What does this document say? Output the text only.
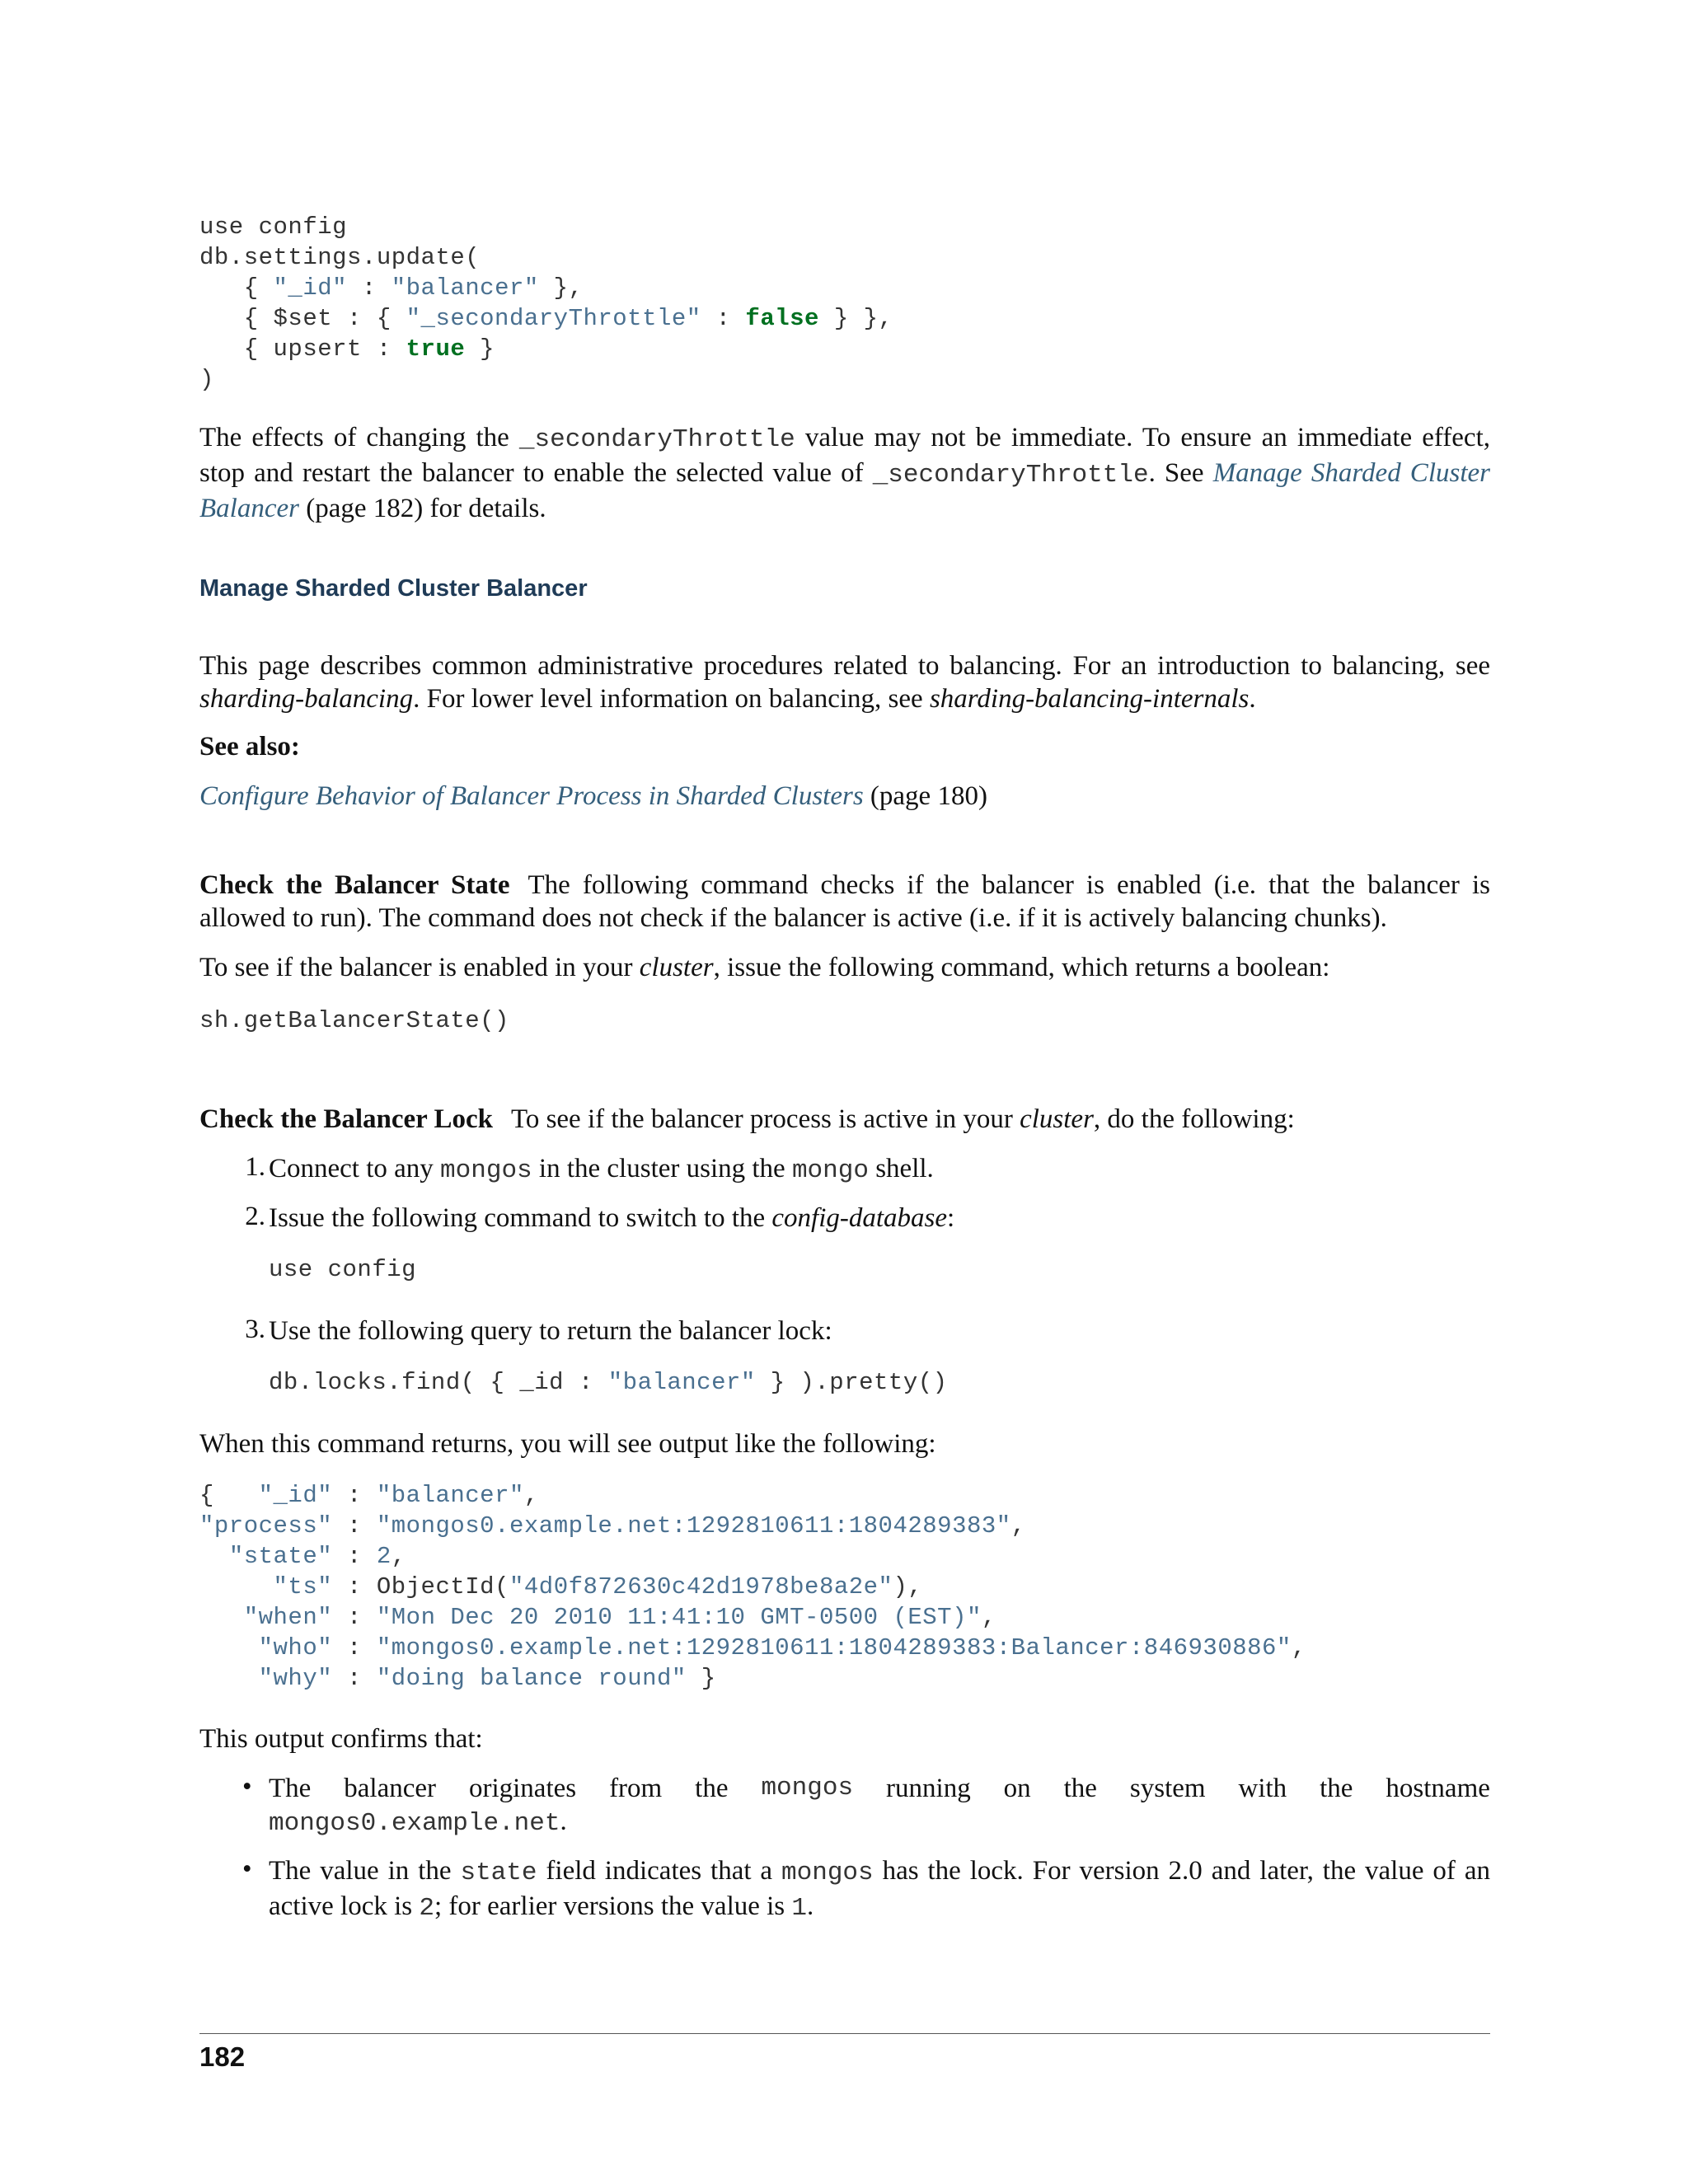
use config
db.settings.update(
{ "_id" : "balancer" },
{ $set : { "_secondaryThrottle" : false } },
{ upsert : true }
)
The effects of changing the _secondaryThrottle value may not be immediate. To ensure an immediate effect, stop and restart the balancer to enable the selected value of _secondaryThrottle. See Manage Sharded Cluster Balancer (page 182) for details.
Manage Sharded Cluster Balancer
This page describes common administrative procedures related to balancing. For an introduction to balancing, see sharding-balancing. For lower level information on balancing, see sharding-balancing-internals.
See also:
Configure Behavior of Balancer Process in Sharded Clusters (page 180)
Check the Balancer State The following command checks if the balancer is enabled (i.e. that the balancer is allowed to run). The command does not check if the balancer is active (i.e. if it is actively balancing chunks).
To see if the balancer is enabled in your cluster, issue the following command, which returns a boolean:
sh.getBalancerState()
Check the Balancer Lock To see if the balancer process is active in your cluster, do the following:
1. Connect to any mongos in the cluster using the mongo shell.
2. Issue the following command to switch to the config-database:
use config
3. Use the following query to return the balancer lock:
db.locks.find( { _id : "balancer" } ).pretty()
When this command returns, you will see output like the following:
{   "_id" : "balancer",
"process" : "mongos0.example.net:1292810611:1804289383",
"state" : 2,
"ts" : ObjectId("4d0f872630c42d1978be8a2e"),
"when" : "Mon Dec 20 2010 11:41:10 GMT-0500 (EST)",
"who" : "mongos0.example.net:1292810611:1804289383:Balancer:846930886",
"why" : "doing balance round" }
This output confirms that:
• The balancer originates from the mongos running on the system with the hostname
mongos0.example.net.
• The value in the state field indicates that a mongos has the lock. For version 2.0 and later, the value of an active lock is 2; for earlier versions the value is 1.
182
